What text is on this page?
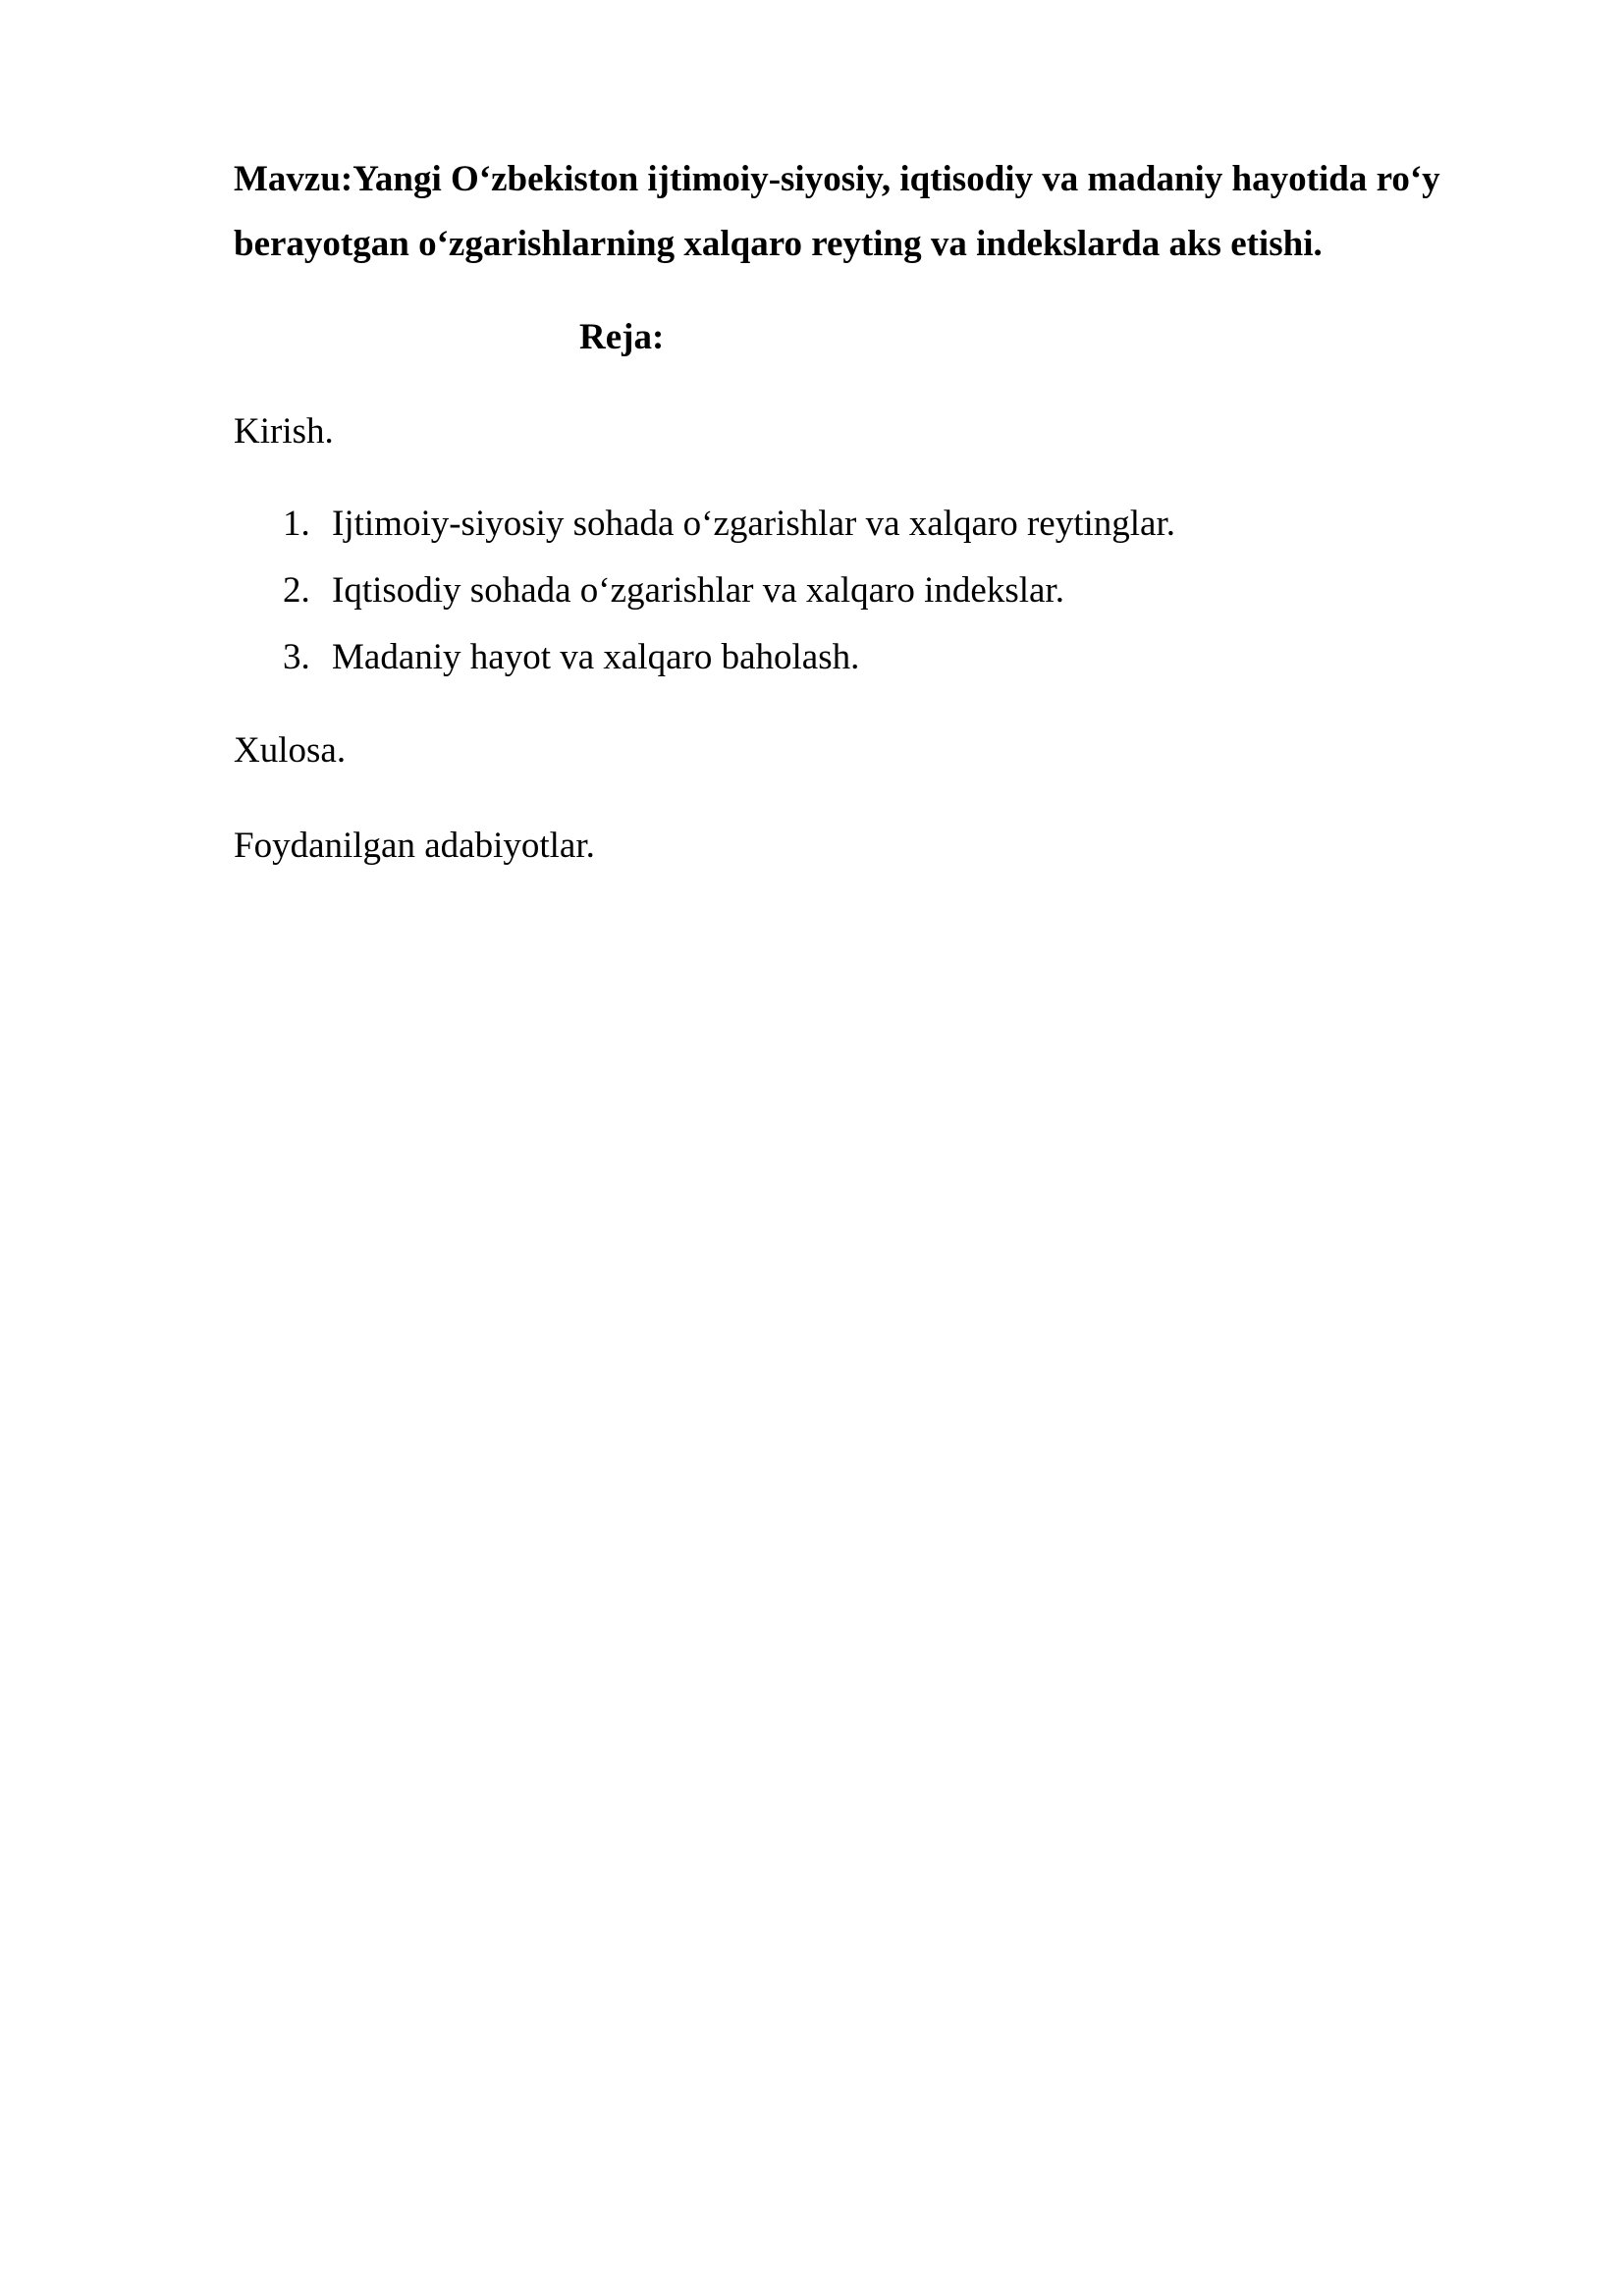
Mavzu:Yangi O‘zbekiston ijtimoiy-siyosiy, iqtisodiy va madaniy hayotida ro‘y berayotgan o‘zgarishlarning xalqaro reyting va indekslarda aks etishi.

Reja:

Kirish.

1. Ijtimoiy-siyosiy sohada o‘zgarishlar va xalqaro reytinglar.
2. Iqtisodiy sohada o‘zgarishlar va xalqaro indekslar.
3. Madaniy hayot va xalqaro baholash.

Xulosa.

Foydanilgan adabiyotlar.
